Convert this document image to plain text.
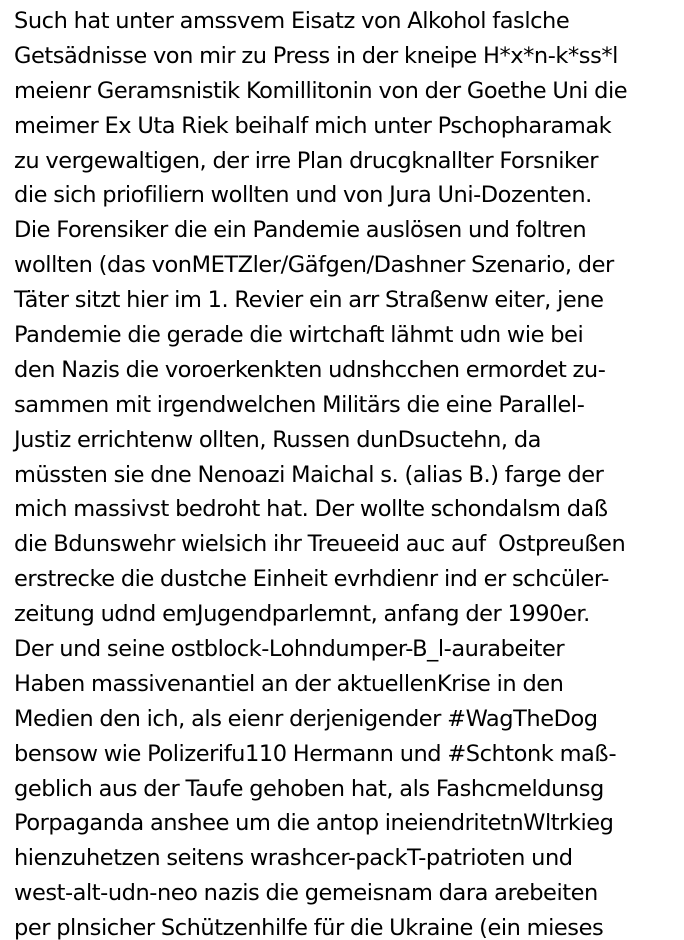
Such hat unter amssvem Eisatz von Alkohol faslche
Getsädnisse von mir zu Press in der kneipe H*x*n-k*ss*l
meienr Geramsnistik Komillitonin von der Goethe Uni die
meimer Ex Uta Riek beihalf mich unter Pschopharamak
zu vergewaltigen, der irre Plan drucgknallter Forsniker
die sich priofiliern wollten und von Jura Uni-Dozenten.
Die Forensiker die ein Pandemie auslösen und foltren
wollten (das vonMETZler/Gäfgen/Dashner Szenario, der
Täter sitzt hier im 1. Revier ein arr Straßenw eiter, jene
Pandemie die gerade die wirtchaft lähmt udn wie bei
den Nazis die voroerkenkten udnshcchen ermordet zu-
sammen mit irgendwelchen Militärs die eine Parallel-
Justiz errichtenw ollten, Russen dunDsuctehn, da
müssten sie dne Nenoazi Maichal s. (alias B.) farge der
mich massivst bedroht hat. Der wollte schondalsm daß
die Bdunswehr wielsich ihr Treueeid auc auf  Ostpreußen
erstrecke die dustche Einheit evrhdienr ind er schcüler-
zeitung udnd emJugendparlemnt, anfang der 1990er.
Der und seine ostblock-Lohndumper-B_l-aurabeiter
Haben massivenantiel an der aktuellenKrise in den
Medien den ich, als eienr derjenigender #WagTheDog
bensow wie Polizerifu110 Hermann und #Schtonk maß-
geblich aus der Taufe gehoben hat, als Fashcmeldunsg
Porpaganda anshee um die antop ineiendritetnWltrkieg
hienzuhetzen seitens wrashcer-packT-patrioten und
west-alt-udn-neo nazis die gemeisnam dara arebeiten
per plnsicher Schützenhilfe für die Ukraine (ein mieses
